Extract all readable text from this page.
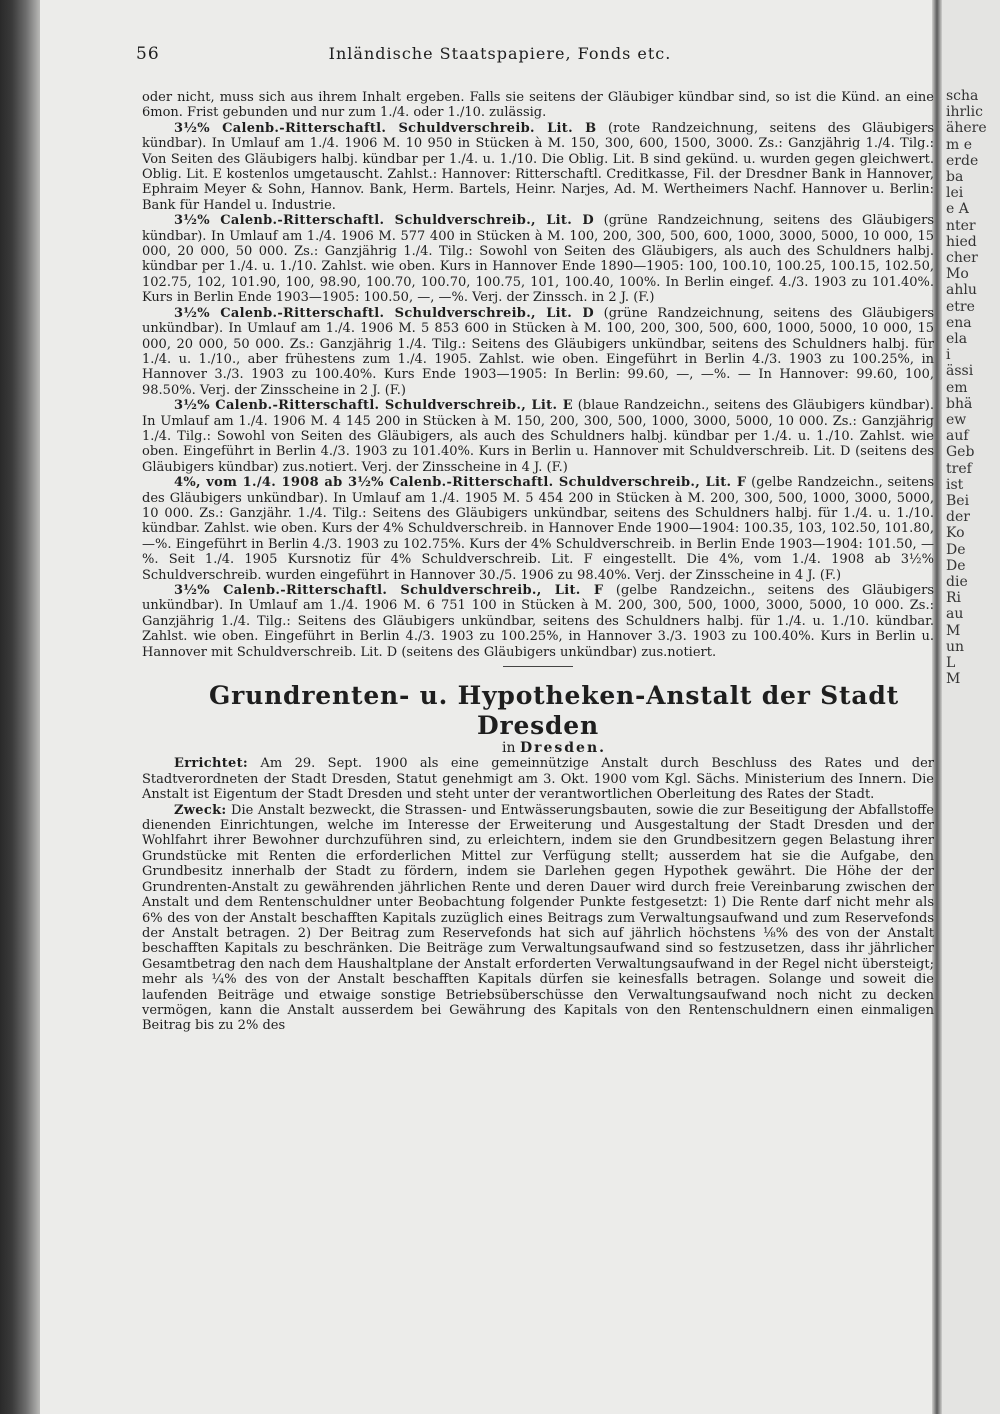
scha
ihrlic
ähere
m e
erde
ba
lei
e A
nter
hied
cher
Mo
ahlu
etre
ena
ela
i
ässi
em
bhä
ew
auf
Geb
tref
ist
Bei
der
Ko
De
De
die
Ri
au
M
un
L
M
56	Inländische Staatspapiere, Fonds etc.

oder nicht, muss sich aus ihrem Inhalt ergeben. Falls sie seitens der Gläubiger kündbar sind, so ist die Künd. an eine 6mon. Frist gebunden und nur zum 1./4. oder 1./10. zulässig.

3½% Calenb.-Ritterschaftl. Schuldverschreib. Lit. B (rote Randzeichnung, seitens des Gläubigers kündbar). In Umlauf am 1./4. 1906 M. 10 950 in Stücken à M. 150, 300, 600, 1500, 3000. Zs.: Ganzjährig 1./4. Tilg.: Von Seiten des Gläubigers halbj. kündbar per 1./4. u. 1./10. Die Oblig. Lit. B sind gekünd. u. wurden gegen gleichwert. Oblig. Lit. E kostenlos umgetauscht. Zahlst.: Hannover: Ritterschaftl. Creditkasse, Fil. der Dresdner Bank in Hannover, Ephraim Meyer & Sohn, Hannov. Bank, Herm. Bartels, Heinr. Narjes, Ad. M. Wertheimers Nachf. Hannover u. Berlin: Bank für Handel u. Industrie.

3½% Calenb.-Ritterschaftl. Schuldverschreib., Lit. D (grüne Randzeichnung, seitens des Gläubigers kündbar). In Umlauf am 1./4. 1906 M. 577 400 in Stücken à M. 100, 200, 300, 500, 600, 1000, 3000, 5000, 10 000, 15 000, 20 000, 50 000. Zs.: Ganzjährig 1./4. Tilg.: Sowohl von Seiten des Gläubigers, als auch des Schuldners halbj. kündbar per 1./4. u. 1./10. Zahlst. wie oben. Kurs in Hannover Ende 1890—1905: 100, 100.10, 100.25, 100.15, 102.50, 102.75, 102, 101.90, 100, 98.90, 100.70, 100.70, 100.75, 101, 100.40, 100%. In Berlin eingef. 4./3. 1903 zu 101.40%. Kurs in Berlin Ende 1903—1905: 100.50, —, —%. Verj. der Zinssch. in 2 J. (F.)

3½% Calenb.-Ritterschaftl. Schuldverschreib., Lit. D (grüne Randzeichnung, seitens des Gläubigers unkündbar). In Umlauf am 1./4. 1906 M. 5 853 600 in Stücken à M. 100, 200, 300, 500, 600, 1000, 5000, 10 000, 15 000, 20 000, 50 000. Zs.: Ganzjährig 1./4. Tilg.: Seitens des Gläubigers unkündbar, seitens des Schuldners halbj. für 1./4. u. 1./10., aber frühestens zum 1./4. 1905. Zahlst. wie oben. Eingeführt in Berlin 4./3. 1903 zu 100.25%, in Hannover 3./3. 1903 zu 100.40%. Kurs Ende 1903—1905: In Berlin: 99.60, —, —%. — In Hannover: 99.60, 100, 98.50%. Verj. der Zinsscheine in 2 J. (F.)

3½% Calenb.-Ritterschaftl. Schuldverschreib., Lit. E (blaue Randzeichn., seitens des Gläubigers kündbar). In Umlauf am 1./4. 1906 M. 4 145 200 in Stücken à M. 150, 200, 300, 500, 1000, 3000, 5000, 10 000. Zs.: Ganzjährig 1./4. Tilg.: Sowohl von Seiten des Gläubigers, als auch des Schuldners halbj. kündbar per 1./4. u. 1./10. Zahlst. wie oben. Eingeführt in Berlin 4./3. 1903 zu 101.40%. Kurs in Berlin u. Hannover mit Schuldverschreib. Lit. D (seitens des Gläubigers kündbar) zus.notiert. Verj. der Zinsscheine in 4 J. (F.)

4%, vom 1./4. 1908 ab 3½% Calenb.-Ritterschaftl. Schuldverschreib., Lit. F (gelbe Randzeichn., seitens des Gläubigers unkündbar). In Umlauf am 1./4. 1905 M. 5 454 200 in Stücken à M. 200, 300, 500, 1000, 3000, 5000, 10 000. Zs.: Ganzjähr. 1./4. Tilg.: Seitens des Gläubigers unkündbar, seitens des Schuldners halbj. für 1./4. u. 1./10. kündbar. Zahlst. wie oben. Kurs der 4% Schuldverschreib. in Hannover Ende 1900—1904: 100.35, 103, 102.50, 101.80, —%. Eingeführt in Berlin 4./3. 1903 zu 102.75%. Kurs der 4% Schuldverschreib. in Berlin Ende 1903—1904: 101.50, —%. Seit 1./4. 1905 Kursnotiz für 4% Schuldverschreib. Lit. F eingestellt. Die 4%, vom 1./4. 1908 ab 3½% Schuldverschreib. wurden eingeführt in Hannover 30./5. 1906 zu 98.40%. Verj. der Zinsscheine in 4 J. (F.)

3½% Calenb.-Ritterschaftl. Schuldverschreib., Lit. F (gelbe Randzeichn., seitens des Gläubigers unkündbar). In Umlauf am 1./4. 1906 M. 6 751 100 in Stücken à M. 200, 300, 500, 1000, 3000, 5000, 10 000. Zs.: Ganzjährig 1./4. Tilg.: Seitens des Gläubigers unkündbar, seitens des Schuldners halbj. für 1./4. u. 1./10. kündbar. Zahlst. wie oben. Eingeführt in Berlin 4./3. 1903 zu 100.25%, in Hannover 3./3. 1903 zu 100.40%. Kurs in Berlin u. Hannover mit Schuldverschreib. Lit. D (seitens des Gläubigers unkündbar) zus.notiert.

Grundrenten- u. Hypotheken-Anstalt der Stadt Dresden

in Dresden.

Errichtet: Am 29. Sept. 1900 als eine gemeinnützige Anstalt durch Beschluss des Rates und der Stadtverordneten der Stadt Dresden, Statut genehmigt am 3. Okt. 1900 vom Kgl. Sächs. Ministerium des Innern. Die Anstalt ist Eigentum der Stadt Dresden und steht unter der verantwortlichen Oberleitung des Rates der Stadt.

Zweck: Die Anstalt bezweckt, die Strassen- und Entwässerungsbauten, sowie die zur Beseitigung der Abfallstoffe dienenden Einrichtungen, welche im Interesse der Erweiterung und Ausgestaltung der Stadt Dresden und der Wohlfahrt ihrer Bewohner durchzuführen sind, zu erleichtern, indem sie den Grundbesitzern gegen Belastung ihrer Grundstücke mit Renten die erforderlichen Mittel zur Verfügung stellt; ausserdem hat sie die Aufgabe, den Grundbesitz innerhalb der Stadt zu fördern, indem sie Darlehen gegen Hypothek gewährt. Die Höhe der der Grundrenten-Anstalt zu gewährenden jährlichen Rente und deren Dauer wird durch freie Vereinbarung zwischen der Anstalt und dem Rentenschuldner unter Beobachtung folgender Punkte festgesetzt: 1) Die Rente darf nicht mehr als 6% des von der Anstalt beschafften Kapitals zuzüglich eines Beitrags zum Verwaltungsaufwand und zum Reservefonds der Anstalt betragen. 2) Der Beitrag zum Reservefonds hat sich auf jährlich höchstens ⅛% des von der Anstalt beschafften Kapitals zu beschränken. Die Beiträge zum Verwaltungsaufwand sind so festzusetzen, dass ihr jährlicher Gesamtbetrag den nach dem Haushaltplane der Anstalt erforderten Verwaltungsaufwand in der Regel nicht übersteigt; mehr als ¼% des von der Anstalt beschafften Kapitals dürfen sie keinesfalls betragen. Solange und soweit die laufenden Beiträge und etwaige sonstige Betriebsüberschüsse den Verwaltungsaufwand noch nicht zu decken vermögen, kann die Anstalt ausserdem bei Gewährung des Kapitals von den Rentenschuldnern einen einmaligen Beitrag bis zu 2% des
